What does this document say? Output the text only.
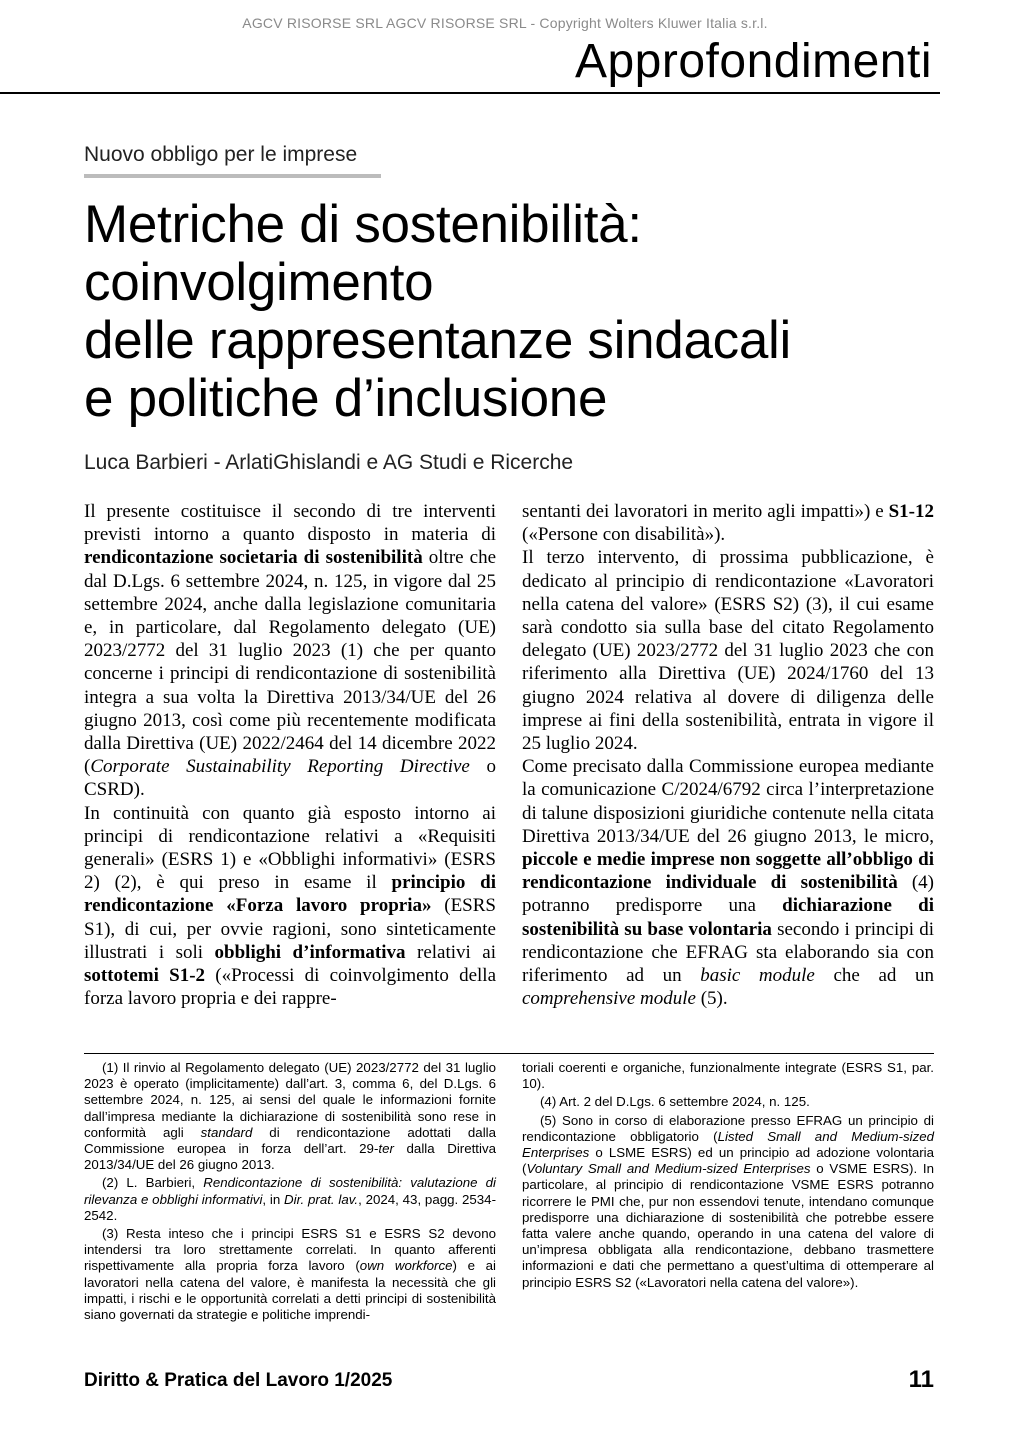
AGCV RISORSE SRL AGCV RISORSE SRL - Copyright Wolters Kluwer Italia s.r.l.
Approfondimenti
Nuovo obbligo per le imprese
Metriche di sostenibilità:
coinvolgimento
delle rappresentanze sindacali
e politiche d’inclusione
Luca Barbieri - ArlatiGhislandi e AG Studi e Ricerche

Il presente costituisce il secondo di tre interventi previsti intorno a quanto disposto in materia di rendicontazione societaria di sostenibilità oltre che dal D.Lgs. 6 settembre 2024, n. 125, in vigore dal 25 settembre 2024, anche dalla legislazione comunitaria e, in particolare, dal Regolamento delegato (UE) 2023/2772 del 31 luglio 2023 (1) che per quanto concerne i principi di rendicontazione di sostenibilità integra a sua volta la Direttiva 2013/34/UE del 26 giugno 2013, così come più recentemente modificata dalla Direttiva (UE) 2022/2464 del 14 dicembre 2022 (Corporate Sustainability Reporting Directive o CSRD).

In continuità con quanto già esposto intorno ai principi di rendicontazione relativi a «Requisiti generali» (ESRS 1) e «Obblighi informativi» (ESRS 2) (2), è qui preso in esame il principio di rendicontazione «Forza lavoro propria» (ESRS S1), di cui, per ovvie ragioni, sono sinteticamente illustrati i soli obblighi d’informativa relativi ai sottotemi S1-2 («Processi di coinvolgimento della forza lavoro propria e dei rappre-

sentanti dei lavoratori in merito agli impatti») e S1-12 («Persone con disabilità»).

Il terzo intervento, di prossima pubblicazione, è dedicato al principio di rendicontazione «Lavoratori nella catena del valore» (ESRS S2) (3), il cui esame sarà condotto sia sulla base del citato Regolamento delegato (UE) 2023/2772 del 31 luglio 2023 che con riferimento alla Direttiva (UE) 2024/1760 del 13 giugno 2024 relativa al dovere di diligenza delle imprese ai fini della sostenibilità, entrata in vigore il 25 luglio 2024.

Come precisato dalla Commissione europea mediante la comunicazione C/2024/6792 circa l’interpretazione di talune disposizioni giuridiche contenute nella citata Direttiva 2013/34/UE del 26 giugno 2013, le micro, piccole e medie imprese non soggette all’obbligo di rendicontazione individuale di sostenibilità (4) potranno predisporre una dichiarazione di sostenibilità su base volontaria secondo i principi di rendicontazione che EFRAG sta elaborando sia con riferimento ad un basic module che ad un comprehensive module (5).

(1) Il rinvio al Regolamento delegato (UE) 2023/2772 del 31 luglio 2023 è operato (implicitamente) dall’art. 3, comma 6, del D.Lgs. 6 settembre 2024, n. 125, ai sensi del quale le informazioni fornite dall’impresa mediante la dichiarazione di sostenibilità sono rese in conformità agli standard di rendicontazione adottati dalla Commissione europea in forza dell’art. 29-ter dalla Direttiva 2013/34/UE del 26 giugno 2013.

(2) L. Barbieri, Rendicontazione di sostenibilità: valutazione di rilevanza e obblighi informativi, in Dir. prat. lav., 2024, 43, pagg. 2534-2542.

(3) Resta inteso che i principi ESRS S1 e ESRS S2 devono intendersi tra loro strettamente correlati. In quanto afferenti rispettivamente alla propria forza lavoro (own workforce) e ai lavoratori nella catena del valore, è manifesta la necessità che gli impatti, i rischi e le opportunità correlati a detti principi di sostenibilità siano governati da strategie e politiche imprendi-

toriali coerenti e organiche, funzionalmente integrate (ESRS S1, par. 10).

(4) Art. 2 del D.Lgs. 6 settembre 2024, n. 125.

(5) Sono in corso di elaborazione presso EFRAG un principio di rendicontazione obbligatorio (Listed Small and Medium-sized Enterprises o LSME ESRS) ed un principio ad adozione volontaria (Voluntary Small and Medium-sized Enterprises o VSME ESRS). In particolare, al principio di rendicontazione VSME ESRS potranno ricorrere le PMI che, pur non essendovi tenute, intendano comunque predisporre una dichiarazione di sostenibilità che potrebbe essere fatta valere anche quando, operando in una catena del valore di un’impresa obbligata alla rendicontazione, debbano trasmettere informazioni e dati che permettano a quest’ultima di ottemperare al principio ESRS S2 («Lavoratori nella catena del valore»).

Diritto & Pratica del Lavoro 1/2025	11
